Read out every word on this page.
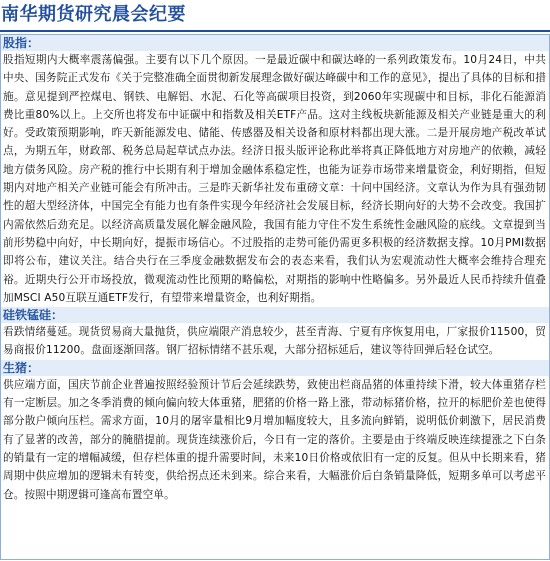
南华期货研究晨会纪要
股指：
股指短期内大概率震荡偏强。主要有以下几个原因。一是最近碳中和碳达峰的一系列政策发布。10月24日，中共中央、国务院正式发布《关于完整准确全面贯彻新发展理念做好碳达峰碳中和工作的意见》，提出了具体的目标和措施。意见提到严控煤电、钢铁、电解铝、水泥、石化等高碳项目投资，到2060年实现碳中和目标，非化石能源消费比重80%以上。上交所也将发布中证碳中和指数及相关ETF产品。这对主线板块新能源及相关产业链是重大的利好。受政策预期影响，昨天新能源发电、储能、传感器及相关设备和原材料都出现大涨。二是开展房地产税改革试点，为期五年，财政部、税务总局起草试点办法。经济日报头版评论称此举将真正降低地方对房地产的依赖，减轻地方债务风险。房产税的推行中长期有利于增加金融体系稳定性，也能为证券市场带来增量资金，利好期指，但短期内对地产相关产业链可能会有所冲击。三是昨天新华社发布重磅文章：十问中国经济。文章认为作为具有强劲韧性的超大型经济体，中国完全有能力也有条件实现今年经济社会发展目标，经济长期向好的大势不会改变。我国扩内需依然后劲充足。以经济高质量发展化解金融风险，我国有能力守住不发生系统性金融风险的底线。文章提到当前形势稳中向好，中长期向好，提振市场信心。不过股指的走势可能仍需更多积极的经济数据支撑。10月PMI数据即将公布，建议关注。结合央行在三季度金融数据发布会的表态来看，我们认为宏观流动性大概率会维持合理充裕。近期央行公开市场投放，微观流动性比预期的略偏松，对期指的影响中性略偏多。另外最近人民币持续升值叠加MSCI A50互联互通ETF发行，有望带来增量资金，也利好期指。
硅铁锰硅：
看跌情绪蔓延。现货贸易商大量抛货，供应端限产消息较少，甚至青海、宁夏有序恢复用电，厂家报价11500，贸易商报价11200。盘面逐渐回落。钢厂招标情绪不甚乐观，大部分招标延后，建议等待回弹后轻仓试空。
生猪：
供应端方面，国庆节前企业普遍按照经验预计节后会延续跌势，致使出栏商品猪的体重持续下滑，较大体重猪存栏有一定断层。加之冬季消费的倾向偏向较大体重猪，肥猪的价格一路上涨，带动标猪价格，拉开的标肥价差也使得部分散户倾向压栏。需求方面，10月的屠宰量相比9月增加幅度较大，且多流向鲜销，说明低价刺激下，居民消费有了显著的改善，部分的腌腊提前。现货连续涨价后，今日有一定的落价。主要是由于终端反映连续提涨之下白条的销量有一定的增幅减缓，但存栏体重的提升需要时间，未来10日价格或依旧有一定的反复。但从中长期来看，猪周期中供应增加的逻辑未有转变，供给拐点还未到来。综合来看，大幅涨价后白条销量降低，短期多单可以考虑平仓。按照中期逻辑可逢高布置空单。
